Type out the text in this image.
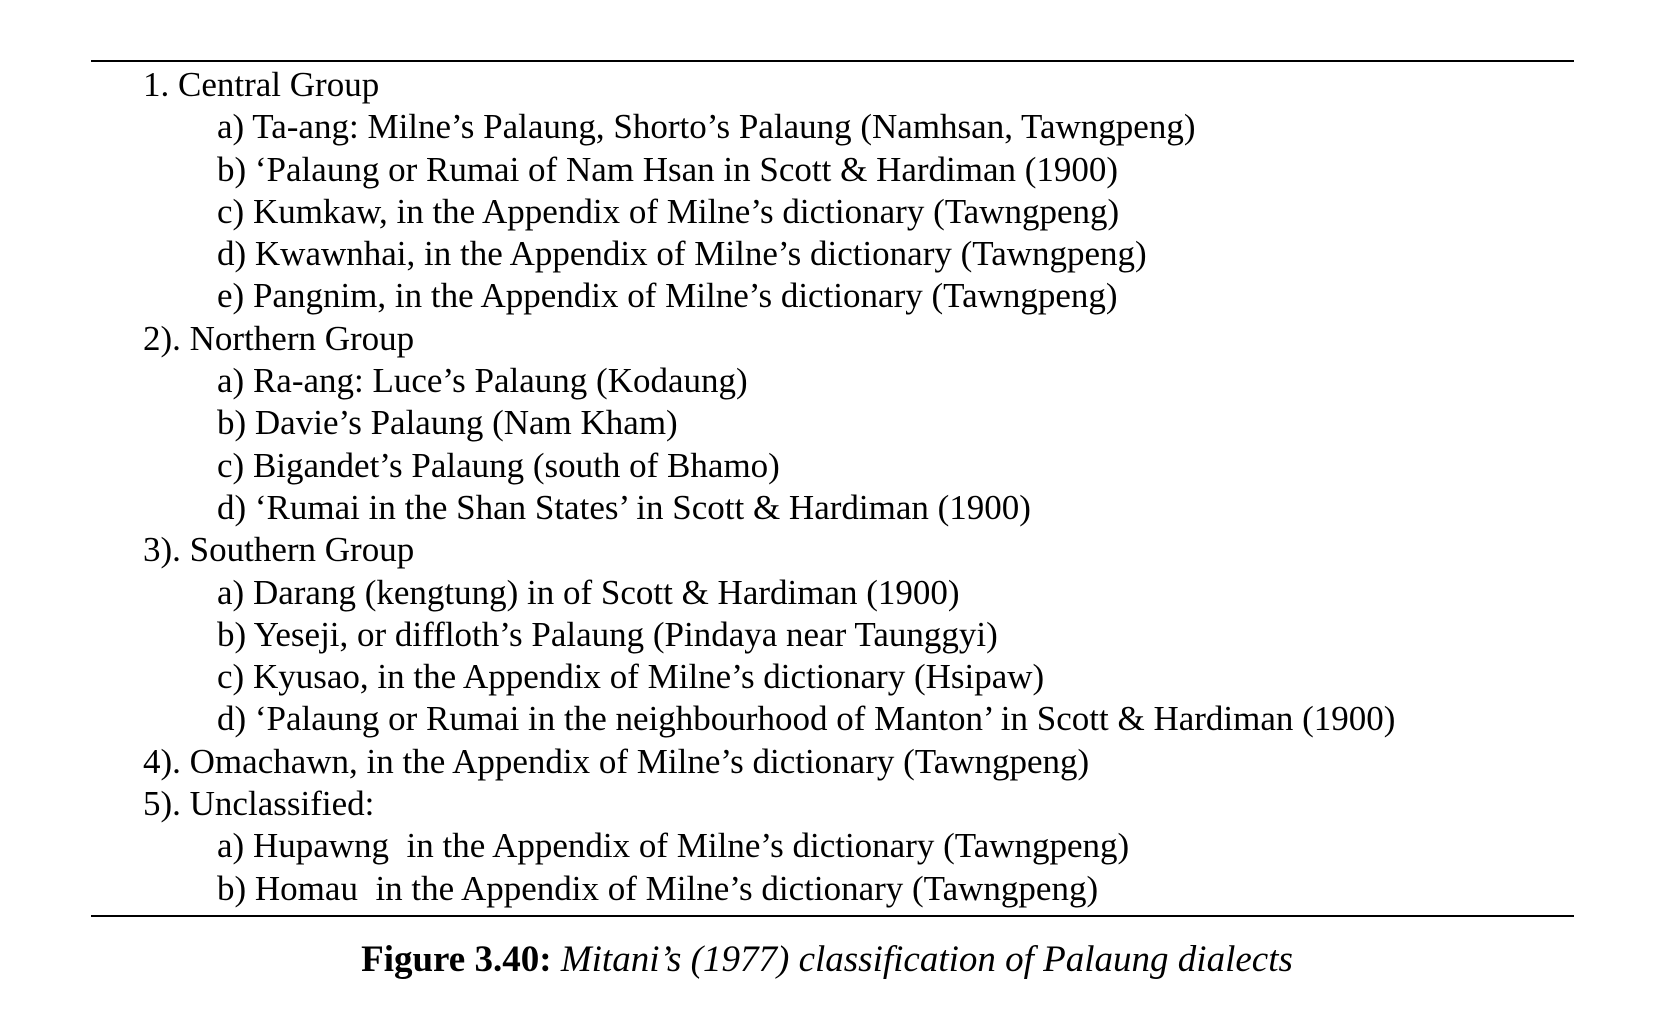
1. Central Group
a) Ta-ang: Milne’s Palaung, Shorto’s Palaung (Namhsan, Tawngpeng)
b) ‘Palaung or Rumai of Nam Hsan in Scott & Hardiman (1900)
c) Kumkaw, in the Appendix of Milne’s dictionary (Tawngpeng)
d) Kwawnhai, in the Appendix of Milne’s dictionary (Tawngpeng)
e) Pangnim, in the Appendix of Milne’s dictionary (Tawngpeng)
2). Northern Group
a) Ra-ang: Luce’s Palaung (Kodaung)
b) Davie’s Palaung (Nam Kham)
c) Bigandet’s Palaung (south of Bhamo)
d) ‘Rumai in the Shan States’ in Scott & Hardiman (1900)
3). Southern Group
a) Darang (kengtung) in of Scott & Hardiman (1900)
b) Yeseji, or diffloth’s Palaung (Pindaya near Taunggyi)
c) Kyusao, in the Appendix of Milne’s dictionary (Hsipaw)
d) ‘Palaung or Rumai in the neighbourhood of Manton’ in Scott & Hardiman (1900)
4). Omachawn, in the Appendix of Milne’s dictionary (Tawngpeng)
5). Unclassified:
a) Hupawng  in the Appendix of Milne’s dictionary (Tawngpeng)
b) Homau  in the Appendix of Milne’s dictionary (Tawngpeng)
Figure 3.40: Mitani’s (1977) classification of Palaung dialects
